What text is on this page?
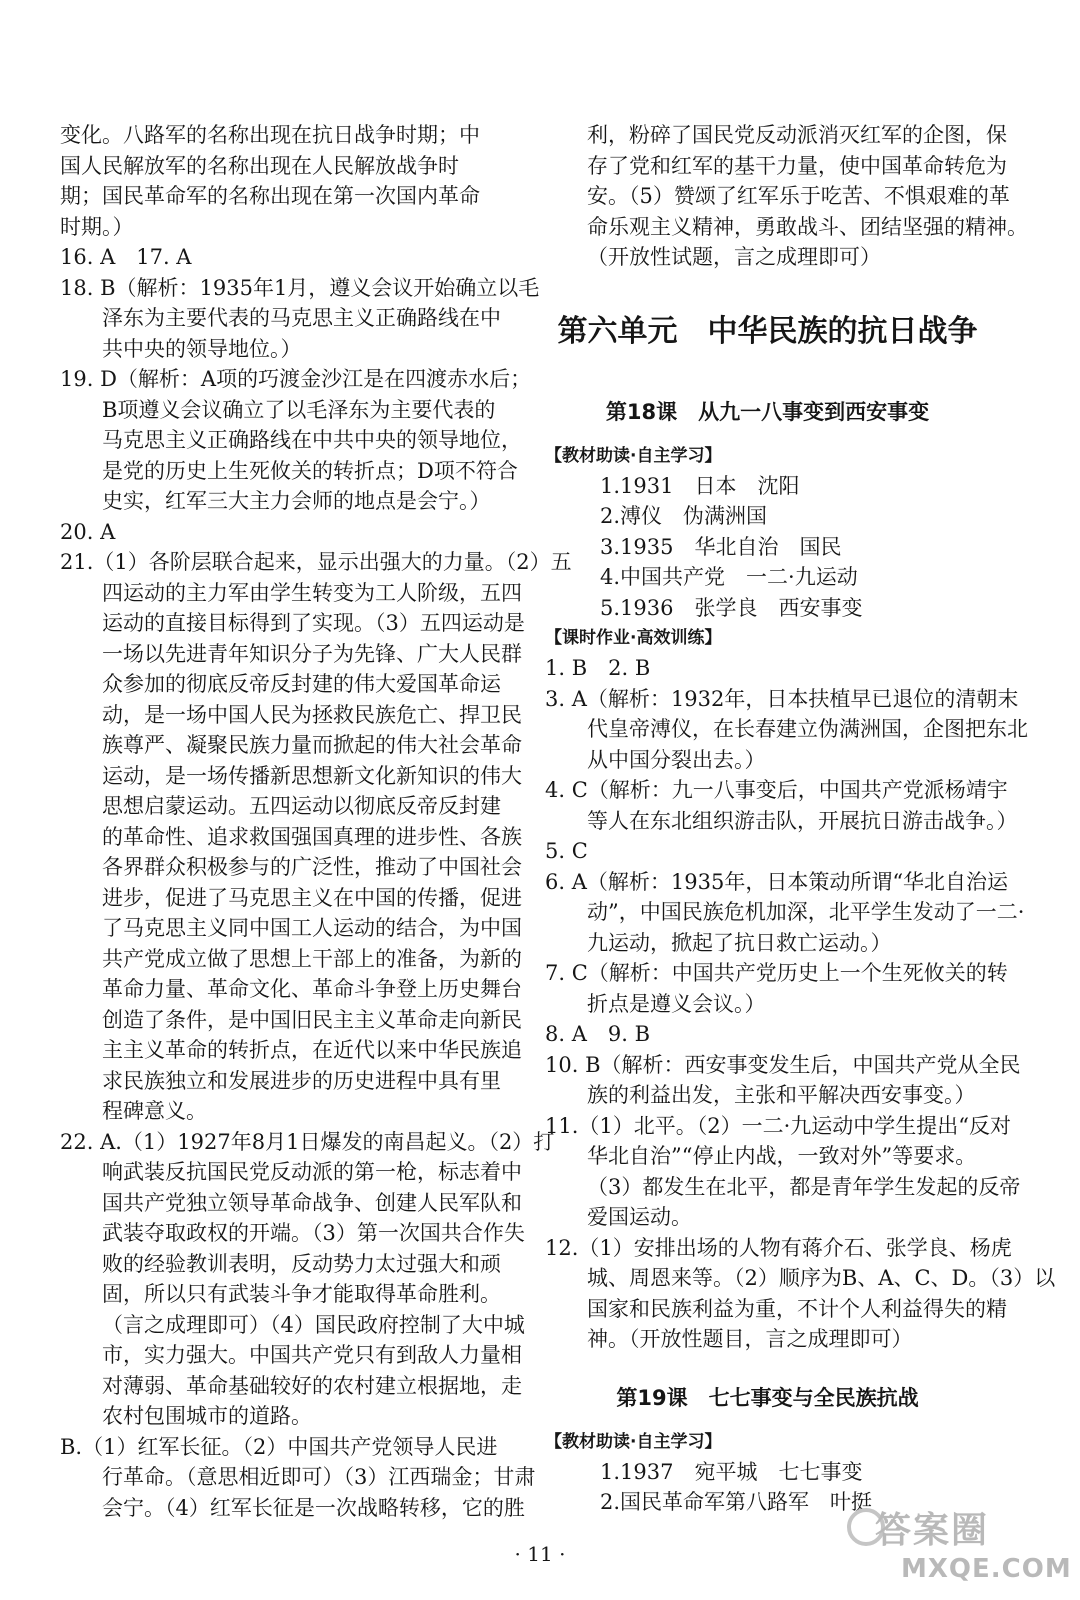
变化。八路军的名称出现在抗日战争时期；中
国人民解放军的名称出现在人民解放战争时
期；国民革命军的名称出现在第一次国内革命
时期。）
16. A　17. A
18. B（解析：1935年1月，遵义会议开始确立以毛
泽东为主要代表的马克思主义正确路线在中
共中央的领导地位。）
19. D（解析：A项的巧渡金沙江是在四渡赤水后；
B项遵义会议确立了以毛泽东为主要代表的
马克思主义正确路线在中共中央的领导地位，
是党的历史上生死攸关的转折点；D项不符合
史实，红军三大主力会师的地点是会宁。）
20. A
21.（1）各阶层联合起来，显示出强大的力量。（2）五
四运动的主力军由学生转变为工人阶级，五四
运动的直接目标得到了实现。（3）五四运动是
一场以先进青年知识分子为先锋、广大人民群
众参加的彻底反帝反封建的伟大爱国革命运
动，是一场中国人民为拯救民族危亡、捍卫民
族尊严、凝聚民族力量而掀起的伟大社会革命
运动，是一场传播新思想新文化新知识的伟大
思想启蒙运动。五四运动以彻底反帝反封建
的革命性、追求救国强国真理的进步性、各族
各界群众积极参与的广泛性，推动了中国社会
进步，促进了马克思主义在中国的传播，促进
了马克思主义同中国工人运动的结合，为中国
共产党成立做了思想上干部上的准备，为新的
革命力量、革命文化、革命斗争登上历史舞台
创造了条件，是中国旧民主主义革命走向新民
主主义革命的转折点，在近代以来中华民族追
求民族独立和发展进步的历史进程中具有里
程碑意义。
22. A.（1）1927年8月1日爆发的南昌起义。（2）打
响武装反抗国民党反动派的第一枪，标志着中
国共产党独立领导革命战争、创建人民军队和
武装夺取政权的开端。（3）第一次国共合作失
败的经验教训表明，反动势力太过强大和顽
固，所以只有武装斗争才能取得革命胜利。
（言之成理即可）（4）国民政府控制了大中城
市，实力强大。中国共产党只有到敌人力量相
对薄弱、革命基础较好的农村建立根据地，走
农村包围城市的道路。
B.（1）红军长征。（2）中国共产党领导人民进
行革命。（意思相近即可）（3）江西瑞金；甘肃
会宁。（4）红军长征是一次战略转移，它的胜
利，粉碎了国民党反动派消灭红军的企图，保
存了党和红军的基干力量，使中国革命转危为
安。（5）赞颂了红军乐于吃苦、不惧艰难的革
命乐观主义精神，勇敢战斗、团结坚强的精神。
（开放性试题，言之成理即可）
第六单元　中华民族的抗日战争
第18课　从九一八事变到西安事变
【教材助读·自主学习】
1.1931　日本　沈阳
2.溥仪　伪满洲国
3.1935　华北自治　国民
4.中国共产党　一二·九运动
5.1936　张学良　西安事变
【课时作业·高效训练】
1. B　2. B
3. A（解析：1932年，日本扶植早已退位的清朝末
代皇帝溥仪，在长春建立伪满洲国，企图把东北
从中国分裂出去。）
4. C（解析：九一八事变后，中国共产党派杨靖宇
等人在东北组织游击队，开展抗日游击战争。）
5. C
6. A（解析：1935年，日本策动所谓“华北自治运
动”，中国民族危机加深，北平学生发动了一二·
九运动，掀起了抗日救亡运动。）
7. C（解析：中国共产党历史上一个生死攸关的转
折点是遵义会议。）
8. A　9. B
10. B（解析：西安事变发生后，中国共产党从全民
族的利益出发，主张和平解决西安事变。）
11.（1）北平。（2）一二·九运动中学生提出“反对
华北自治”“停止内战，一致对外”等要求。
（3）都发生在北平，都是青年学生发起的反帝
爱国运动。
12.（1）安排出场的人物有蒋介石、张学良、杨虎
城、周恩来等。（2）顺序为B、A、C、D。（3）以
国家和民族利益为重，不计个人利益得失的精
神。（开放性题目，言之成理即可）
第19课　七七事变与全民族抗战
【教材助读·自主学习】
1.1937　宛平城　七七事变
2.国民革命军第八路军　叶挺
· 11 ·
答案圈
MXQE.COM
